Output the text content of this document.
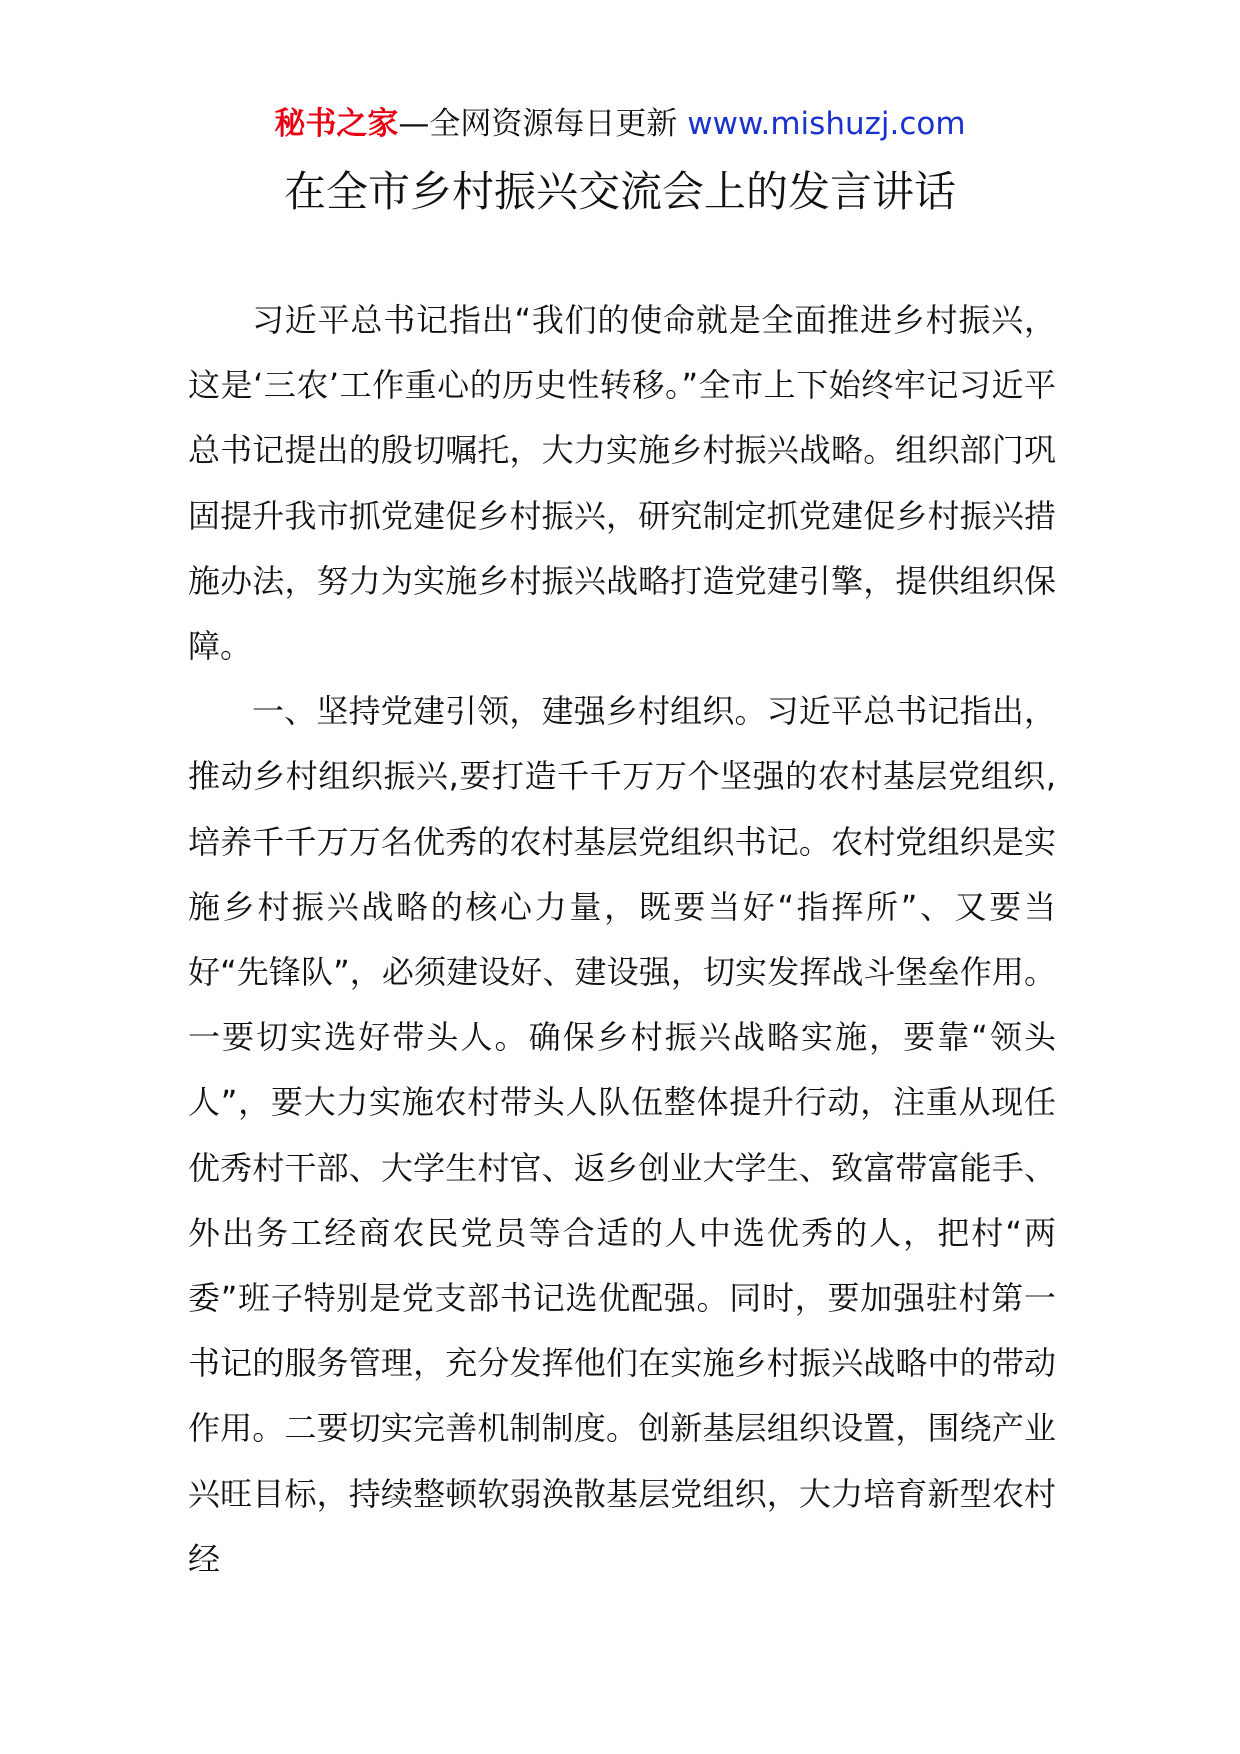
秘书之家—全网资源每日更新 www.mishuzj.com
在全市乡村振兴交流会上的发言讲话

习近平总书记指出“我们的使命就是全面推进乡村振兴，这是‘三农’工作重心的历史性转移。”全市上下始终牢记习近平总书记提出的殷切嘱托，大力实施乡村振兴战略。组织部门巩固提升我市抓党建促乡村振兴，研究制定抓党建促乡村振兴措施办法，努力为实施乡村振兴战略打造党建引擎，提供组织保障。

一、坚持党建引领，建强乡村组织。习近平总书记指出，推动乡村组织振兴,要打造千千万万个坚强的农村基层党组织,培养千千万万名优秀的农村基层党组织书记。农村党组织是实施乡村振兴战略的核心力量，既要当好“指挥所”、又要当好“先锋队”，必须建设好、建设强，切实发挥战斗堡垒作用。一要切实选好带头人。确保乡村振兴战略实施，要靠“领头人”，要大力实施农村带头人队伍整体提升行动，注重从现任优秀村干部、大学生村官、返乡创业大学生、致富带富能手、外出务工经商农民党员等合适的人中选优秀的人，把村“两委”班子特别是党支部书记选优配强。同时，要加强驻村第一书记的服务管理，充分发挥他们在实施乡村振兴战略中的带动作用。二要切实完善机制制度。创新基层组织设置，围绕产业兴旺目标，持续整顿软弱涣散基层党组织，大力培育新型农村经
